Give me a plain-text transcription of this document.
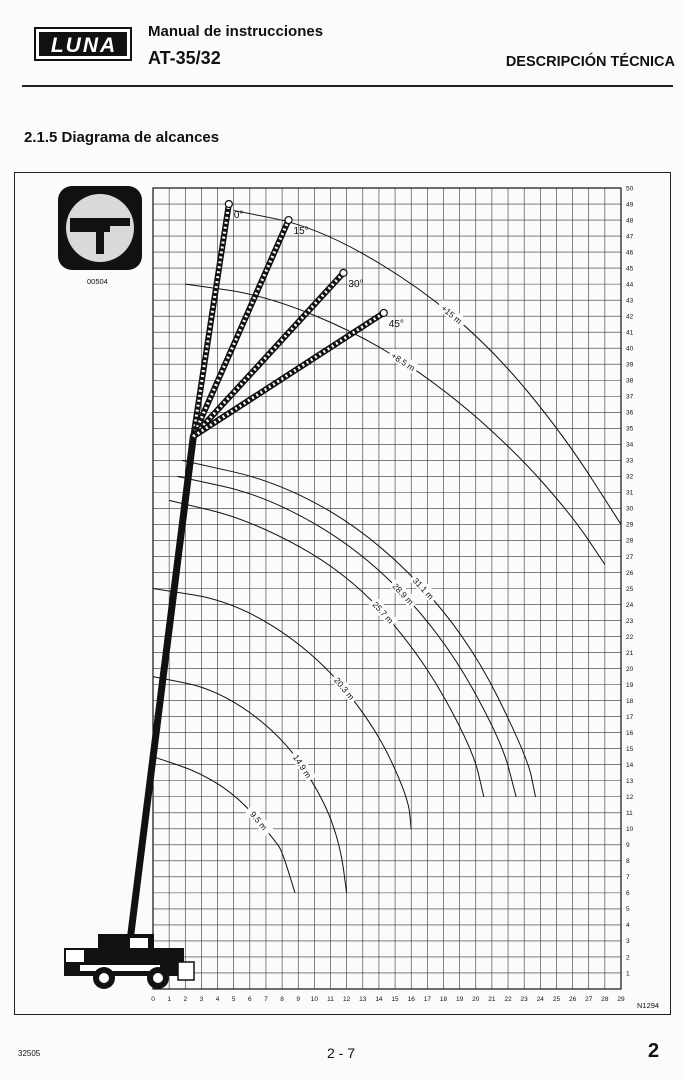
LUNA
Manual de instrucciones
AT-35/32	DESCRIPCIÓN TÉCNICA
2.1.5 Diagrama de alcances
9.5 m
14.9 m
20.3 m
25.7 m
28.9 m
31.1 m
+8.5 m
+15 m
0°
15°
30°
45°
0 1 2 3 4 5 6 7 8 9 10 11 12 13 14 15 16 17 18 19 20 21 22 23 24 25 26 27 28 29
1
2
3
4
5
6
7
8
9
10
11
12
13
14
15
16
17
18
19
20
21
22
23
24
25
26
27
28
29
30
31
32
33
34
35
36
37
38
39
40
41
42
43
44
45
46
47
48
49
50
00504
N1294
32505	2 - 7	2
